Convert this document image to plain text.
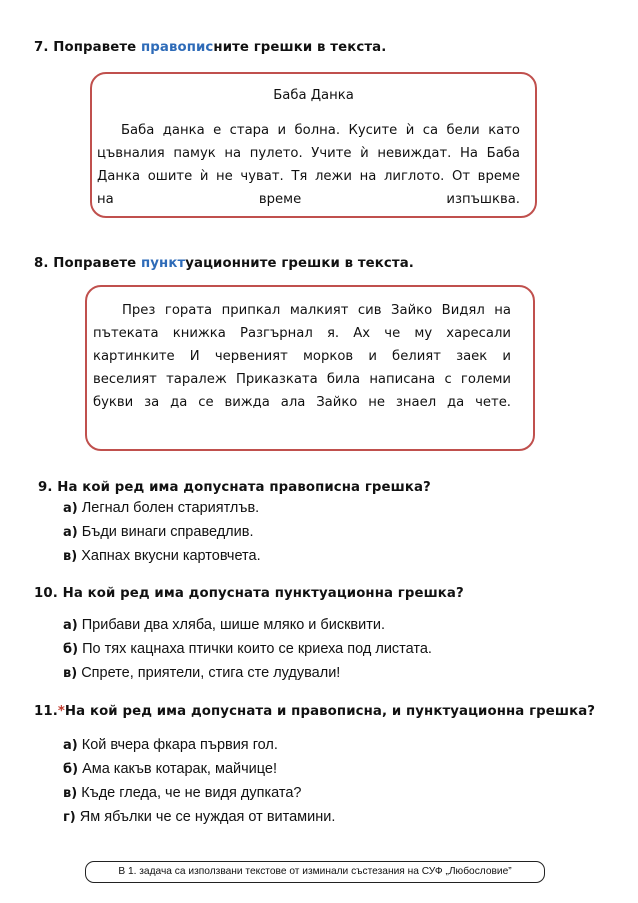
7. Поправете правописните грешки в текста.
Баба Данка
Баба данка е стара и болна. Кусите ѝ са бели като
цъвналия памук на пулето. Учите ѝ невиждат. На Баба
Данка ошите ѝ не чуват. Тя лежи на лиглото. От време
на време изпъшква.
8. Поправете пунктуационните грешки в текста.
През гората припкал малкият сив Зайко Видял на
пътеката книжка Разгърнал я. Ах че му харесали
картинките И червеният морков и белият заек и
веселият таралеж Приказката била написана с големи
букви за да се вижда ала Зайко не знаел да чете.
9. На кой ред има допусната правописна грешка?
а) Легнал болен стариятлъв.
а) Бъди винаги справедлив.
в) Хапнах вкусни картовчета.
10. На кой ред има допусната пунктуационна грешка?
а) Прибави два хляба, шише мляко и бисквити.
б) По тях кацнаха птички които се криеха под листата.
в) Спрете, приятели, стига сте лудували!
11.*На кой ред има допусната и правописна, и пунктуационна грешка?
а) Кой вчера фкара първия гол.
б) Ама какъв котарак, майчице!
в) Къде гледа, че не видя дупката?
г) Ям ябълки че се нуждая от витамини.
В 1. задача са използвани текстове от изминали състезания на СУФ „Любословие”
